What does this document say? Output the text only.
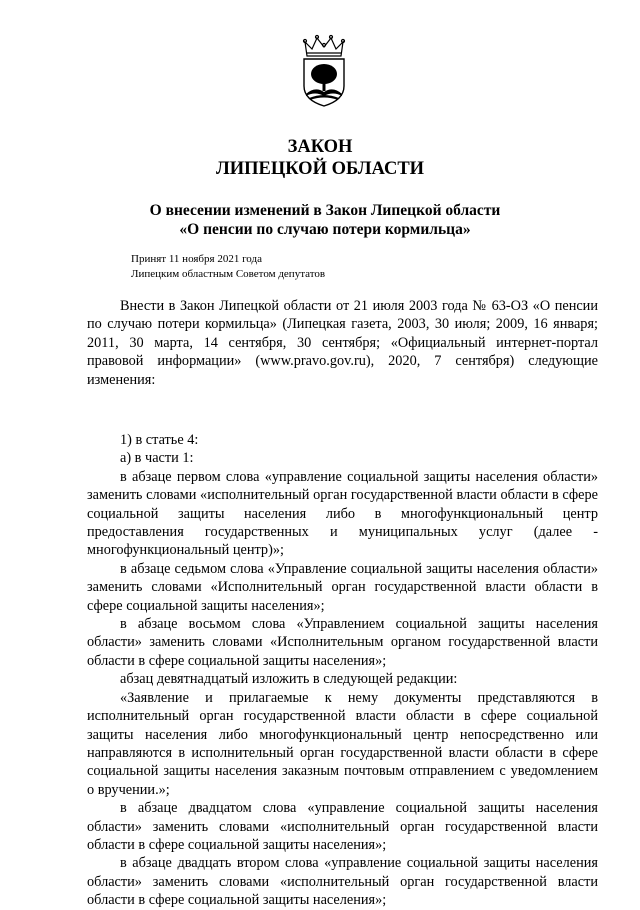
ЗАКОН
ЛИПЕЦКОЙ ОБЛАСТИ
О внесении изменений в Закон Липецкой области
«О пенсии по случаю потери кормильца»
Принят 11 ноября 2021 года
Липецким областным Советом депутатов
Внести в Закон Липецкой области от 21 июля 2003 года № 63-ОЗ «О пенсии по случаю потери кормильца» (Липецкая газета, 2003, 30 июля; 2009, 16 января; 2011, 30 марта, 14 сентября, 30 сентября; «Официальный интернет-портал правовой информации» (www.pravo.gov.ru), 2020, 7 сентября) следующие изменения:
1) в статье 4:
а) в части 1:
в абзаце первом слова «управление социальной защиты населения области» заменить словами «исполнительный орган государственной власти области в сфере социальной защиты населения либо в многофункциональный центр предоставления государственных и муниципальных услуг (далее - многофункциональный центр)»;
в абзаце седьмом слова «Управление социальной защиты населения области» заменить словами «Исполнительный орган государственной власти области в сфере социальной защиты населения»;
в абзаце восьмом слова «Управлением социальной защиты населения области» заменить словами «Исполнительным органом государственной власти области в сфере социальной защиты населения»;
абзац девятнадцатый изложить в следующей редакции:
«Заявление и прилагаемые к нему документы представляются в исполнительный орган государственной власти области в сфере социальной защиты населения либо многофункциональный центр непосредственно или направляются в исполнительный орган государственной власти области в сфере социальной защиты населения заказным почтовым отправлением с уведомлением о вручении.»;
в абзаце двадцатом слова «управление социальной защиты населения области» заменить словами «исполнительный орган государственной власти области в сфере социальной защиты населения»;
в абзаце двадцать втором слова «управление социальной защиты населения области» заменить словами «исполнительный орган государственной власти области в сфере социальной защиты населения»;
